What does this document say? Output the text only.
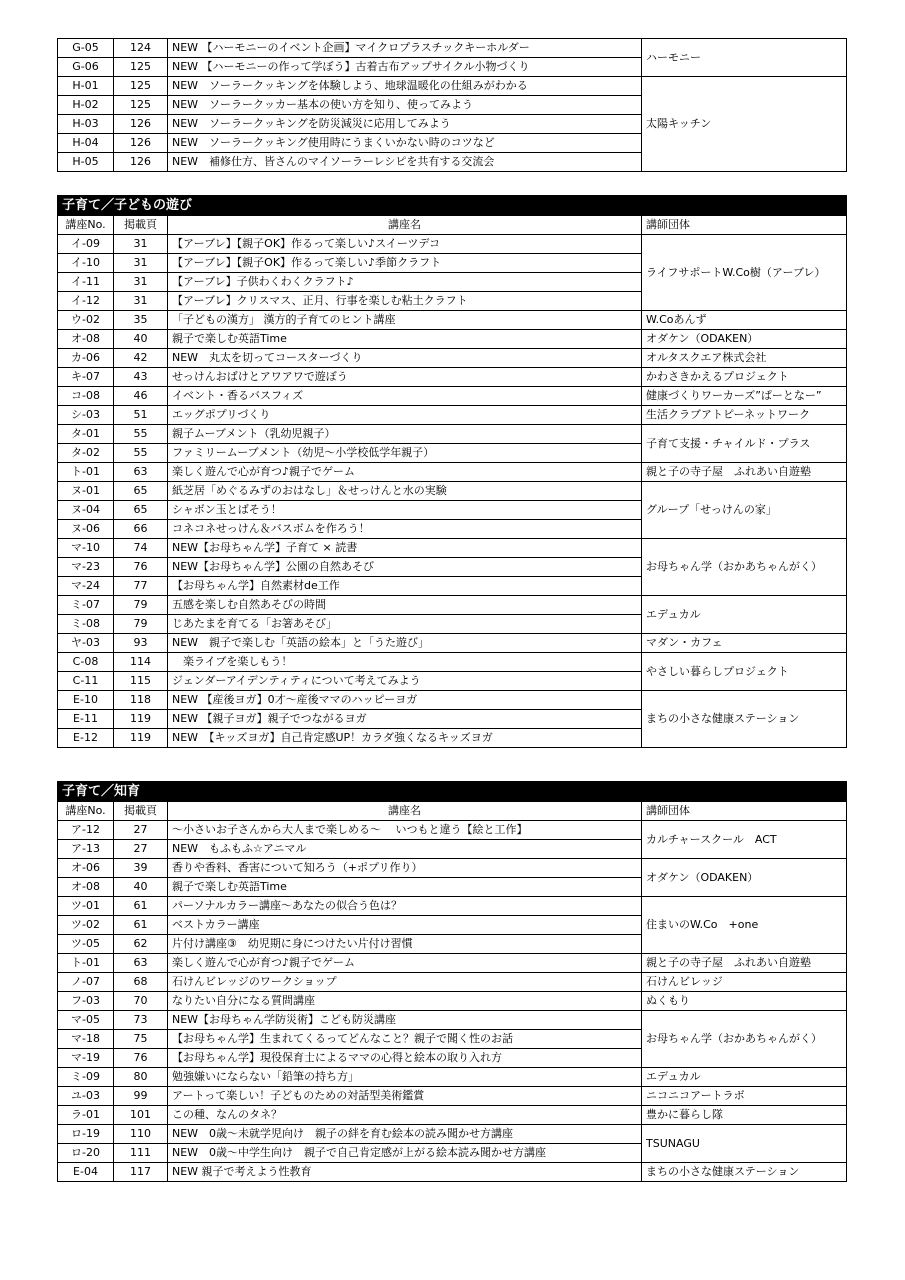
G-05	124	NEW 【ハーモニーのイベント企画】マイクロプラスチックキーホルダー	ハーモニー
G-06	125	NEW 【ハーモニーの作って学ぼう】古着古布アップサイクル小物づくり	
H-01	125	NEW　ソーラークッキングを体験しよう、地球温暖化の仕組みがわかる	太陽キッチン
H-02	125	NEW　ソーラークッカー基本の使い方を知り、使ってみよう	
H-03	126	NEW　ソーラークッキングを防災減災に応用してみよう	
H-04	126	NEW　ソーラークッキング使用時にうまくいかない時のコツなど	
H-05	126	NEW　補修仕方、皆さんのマイソーラーレシピを共有する交流会	
子育て／子どもの遊び			
講座No.	掲載頁	講座名	講師団体
イ-09	31	【アーブレ】【親子OK】作るって楽しい♪スイーツデコ	ライフサポートW.Co樹（アーブレ）
イ-10	31	【アーブレ】【親子OK】作るって楽しい♪季節クラフト	
イ-11	31	【アーブレ】子供わくわくクラフト♪	
イ-12	31	【アーブレ】クリスマス、正月、行事を楽しむ粘土クラフト	
ウ-02	35	「子どもの漢方」 漢方的子育てのヒント講座	W.Coあんず
オ-08	40	親子で楽しむ英語Time	オダケン（ODAKEN）
カ-06	42	NEW　丸太を切ってコースターづくり	オルタスクエア株式会社
キ-07	43	せっけんおばけとアワアワで遊ぼう	かわさきかえるプロジェクト
コ-08	46	イベント・香るバスフィズ	健康づくりワーカーズ”ぱーとなー”
シ-03	51	エッグポプリづくり	生活クラブアトピーネットワーク
タ-01	55	親子ムーブメント（乳幼児親子）	子育て支援・チャイルド・プラス
タ-02	55	ファミリームーブメント（幼児～小学校低学年親子）	
ト-01	63	楽しく遊んで心が育つ♪親子でゲーム	親と子の寺子屋　ふれあい自遊塾
ヌ-01	65	紙芝居「めぐるみずのおはなし」＆せっけんと水の実験	グループ「せっけんの家」
ヌ-04	65	シャボン玉とばそう！	
ヌ-06	66	コネコネせっけん＆バスボムを作ろう！	
マ-10	74	NEW【お母ちゃん学】子育て × 読書	お母ちゃん学（おかあちゃんがく）
マ-23	76	NEW【お母ちゃん学】公園の自然あそび	
マ-24	77	【お母ちゃん学】自然素材de工作	
ミ-07	79	五感を楽しむ自然あそびの時間	エデュカル
ミ-08	79	じあたまを育てる「お箸あそび」	
ヤ-03	93	NEW　親子で楽しむ「英語の絵本」と「うた遊び」	マダン・カフェ
C-08	114	　楽ライブを楽しもう！	やさしい暮らしプロジェクト
C-11	115	ジェンダーアイデンティティについて考えてみよう	
E-10	118	NEW 【産後ヨガ】0才～産後ママのハッピーヨガ	まちの小さな健康ステーション
E-11	119	NEW 【親子ヨガ】親子でつながるヨガ	
E-12	119	NEW　【キッズヨガ】自己肯定感UP！カラダ強くなるキッズヨガ	
子育て／知育			
講座No.	掲載頁	講座名	講師団体
ア-12	27	～小さいお子さんから大人まで楽しめる～　 いつもと違う【絵と工作】	カルチャースクール　ACT
ア-13	27	NEW　もふもふ☆アニマル	
オ-06	39	香りや香料、香害について知ろう（+ポプリ作り）	オダケン（ODAKEN）
オ-08	40	親子で楽しむ英語Time	
ツ-01	61	パーソナルカラー講座～あなたの似合う色は？	住まいのW.Co　+one
ツ-02	61	ベストカラー講座	
ツ-05	62	片付け講座③　幼児期に身につけたい片付け習慣	
ト-01	63	楽しく遊んで心が育つ♪親子でゲーム	親と子の寺子屋　ふれあい自遊塾
ノ-07	68	石けんビレッジのワークショップ	石けんビレッジ
フ-03	70	なりたい自分になる質問講座	ぬくもり
マ-05	73	NEW【お母ちゃん学防災術】こども防災講座	お母ちゃん学（おかあちゃんがく）
マ-18	75	【お母ちゃん学】生まれてくるってどんなこと？親子で聞く性のお話	
マ-19	76	【お母ちゃん学】現役保育士によるママの心得と絵本の取り入れ方	
ミ-09	80	勉強嫌いにならない「鉛筆の持ち方」	エデュカル
ユ-03	99	アートって楽しい！子どものための対話型美術鑑賞	ニコニコアートラボ
ラ-01	101	この種、なんのタネ？	豊かに暮らし隊
ロ-19	110	NEW　0歳～未就学児向け　親子の絆を育む絵本の読み聞かせ方講座	TSUNAGU
ロ-20	111	NEW　0歳～中学生向け　親子で自己肯定感が上がる絵本読み聞かせ方講座	
E-04	117	NEW 親子で考えよう性教育	まちの小さな健康ステーション
